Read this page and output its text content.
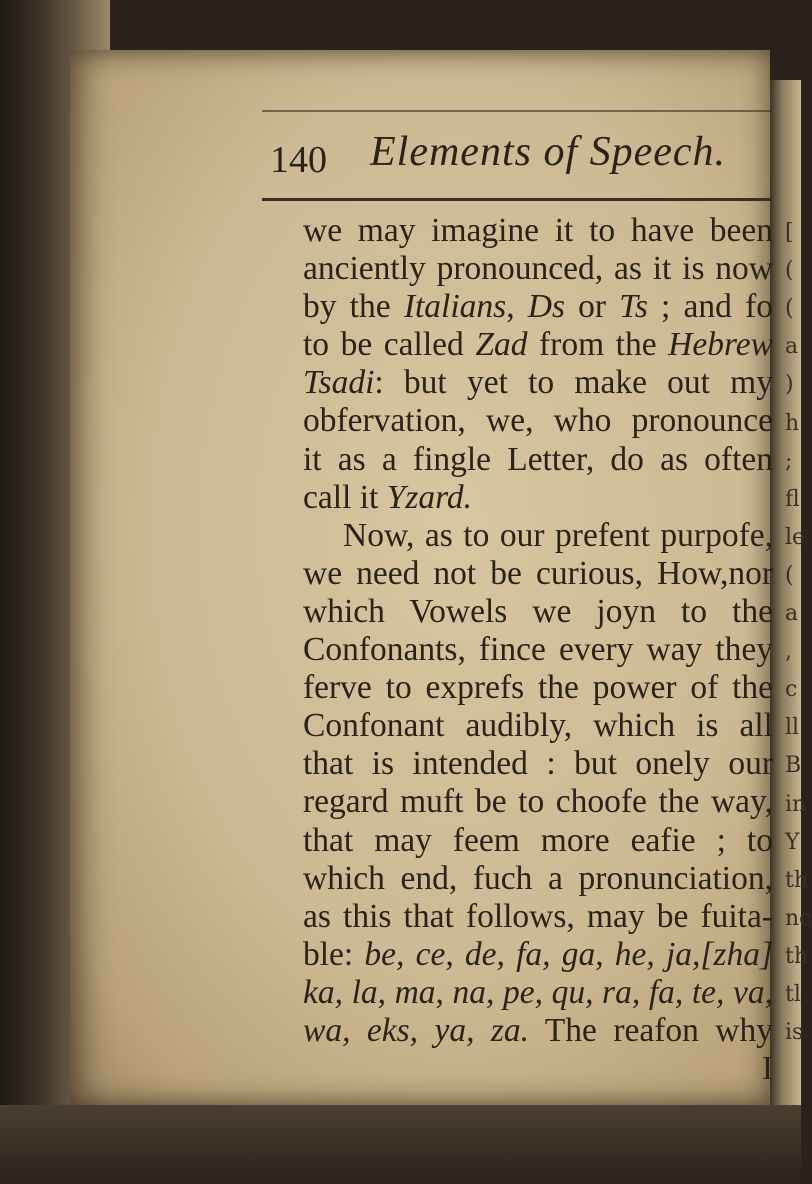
140 Elements of Speech.
we may imagine it to have been
anciently pronounced, as it is now
by the Italians, Ds or Ts ; and fo
to be called Zad from the Hebrew
Tsadi: but yet to make out my
obfervation, we, who pronounce
it as a fingle Letter, do as often
call it Yzard.
Now, as to our prefent purpofe,
we need not be curious, How,nor
which Vowels we joyn to the
Confonants, fince every way they
ferve to exprefs the power of the
Confonant audibly, which is all
that is intended : but onely our
regard muft be to choofe the way,
that may feem more eafie ; to
which end, fuch a pronunciation,
as this that follows, may be fuita-
ble: be, ce, de, fa, ga, he, ja,[zha]
ka, la, ma, na, pe, qu, ra, fa, te, va,
wa, eks, ya, za. The reafon why
I
[
(
(
a
)
h
;
fl
le
(
a
,
c
ll
B
in
Y
th
nc
th
tl
is
